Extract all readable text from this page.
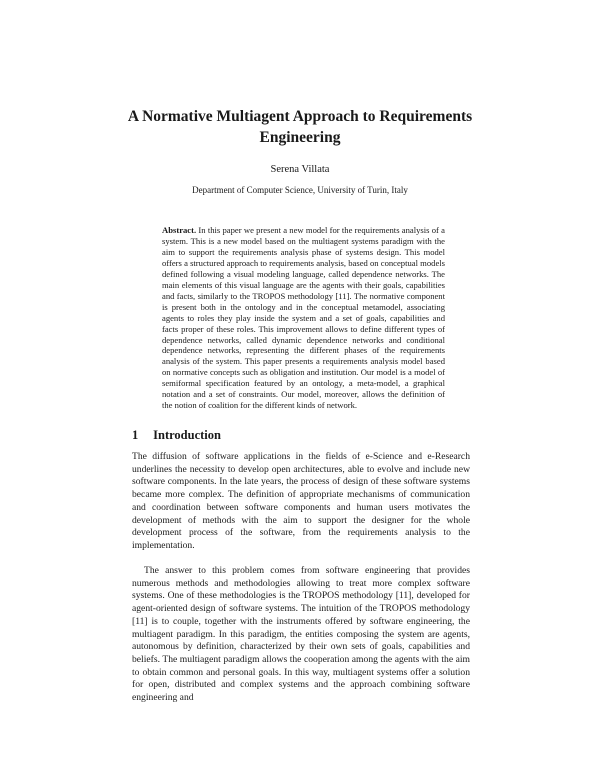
A Normative Multiagent Approach to Requirements Engineering
Serena Villata
Department of Computer Science, University of Turin, Italy
Abstract. In this paper we present a new model for the requirements analysis of a system. This is a new model based on the multiagent systems paradigm with the aim to support the requirements analysis phase of systems design. This model offers a structured approach to requirements analysis, based on conceptual models defined following a visual modeling language, called dependence networks. The main elements of this visual language are the agents with their goals, capabilities and facts, similarly to the TROPOS methodology [11]. The normative component is present both in the ontology and in the conceptual metamodel, associating agents to roles they play inside the system and a set of goals, capabilities and facts proper of these roles. This improvement allows to define different types of dependence networks, called dynamic dependence networks and conditional dependence networks, representing the different phases of the requirements analysis of the system. This paper presents a requirements analysis model based on normative concepts such as obligation and institution. Our model is a model of semiformal specification featured by an ontology, a meta-model, a graphical notation and a set of constraints. Our model, moreover, allows the definition of the notion of coalition for the different kinds of network.
1 Introduction
The diffusion of software applications in the fields of e-Science and e-Research underlines the necessity to develop open architectures, able to evolve and include new software components. In the late years, the process of design of these software systems became more complex. The definition of appropriate mechanisms of communication and coordination between software components and human users motivates the development of methods with the aim to support the designer for the whole development process of the software, from the requirements analysis to the implementation.
The answer to this problem comes from software engineering that provides numerous methods and methodologies allowing to treat more complex software systems. One of these methodologies is the TROPOS methodology [11], developed for agent-oriented design of software systems. The intuition of the TROPOS methodology [11] is to couple, together with the instruments offered by software engineering, the multiagent paradigm. In this paradigm, the entities composing the system are agents, autonomous by definition, characterized by their own sets of goals, capabilities and beliefs. The multiagent paradigm allows the cooperation among the agents with the aim to obtain common and personal goals. In this way, multiagent systems offer a solution for open, distributed and complex systems and the approach combining software engineering and
